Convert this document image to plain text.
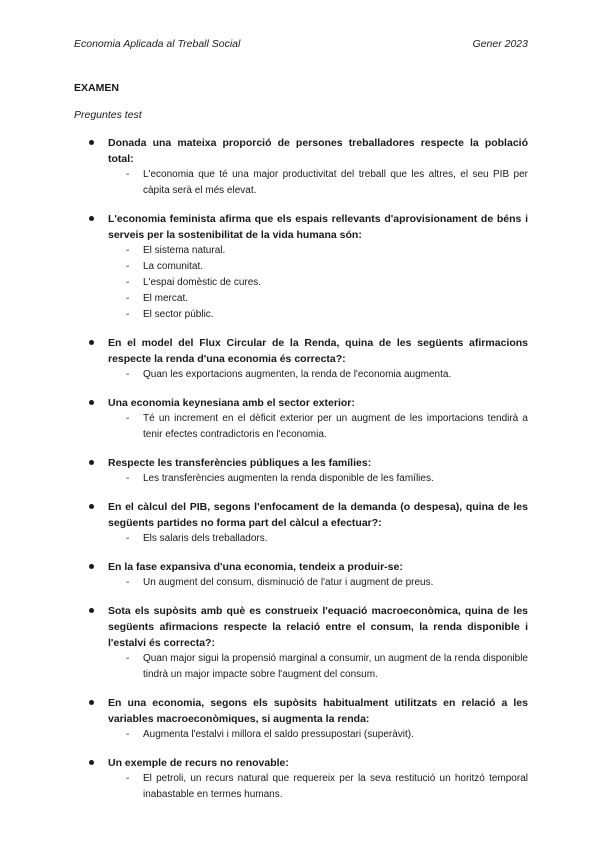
Economia Aplicada al Treball Social	Gener 2023
EXAMEN
Preguntes test
Donada una mateixa proporció de persones treballadores respecte la població total:
- L'economia que té una major productivitat del treball que les altres, el seu PIB per càpita serà el més elevat.
L'economia feminista afirma que els espais rellevants d'aprovisionament de béns i serveis per la sostenibilitat de la vida humana són:
- El sistema natural.
- La comunitat.
- L'espai domèstic de cures.
- El mercat.
- El sector públic.
En el model del Flux Circular de la Renda, quina de les següents afirmacions respecte la renda d'una economia és correcta?:
- Quan les exportacions augmenten, la renda de l'economia augmenta.
Una economia keynesiana amb el sector exterior:
- Té un increment en el dèficit exterior per un augment de les importacions tendirà a tenir efectes contradictoris en l'economia.
Respecte les transferències públiques a les famílies:
- Les transferències augmenten la renda disponible de les famílies.
En el càlcul del PIB, segons l'enfocament de la demanda (o despesa), quina de les següents partides no forma part del càlcul a efectuar?:
- Els salaris dels treballadors.
En la fase expansiva d'una economia, tendeix a produir-se:
- Un augment del consum, disminució de l'atur i augment de preus.
Sota els supòsits amb què es construeix l'equació macroeconòmica, quina de les següents afirmacions respecte la relació entre el consum, la renda disponible i l'estalvi és correcta?:
- Quan major sigui la propensió marginal a consumir, un augment de la renda disponible tindrà un major impacte sobre l'augment del consum.
En una economia, segons els supòsits habitualment utilitzats en relació a les variables macroeconòmiques, si augmenta la renda:
- Augmenta l'estalvi i millora el saldo pressupostari (superàvit).
Un exemple de recurs no renovable:
- El petroli, un recurs natural que requereix per la seva restitució un horitzó temporal inabastable en termes humans.
